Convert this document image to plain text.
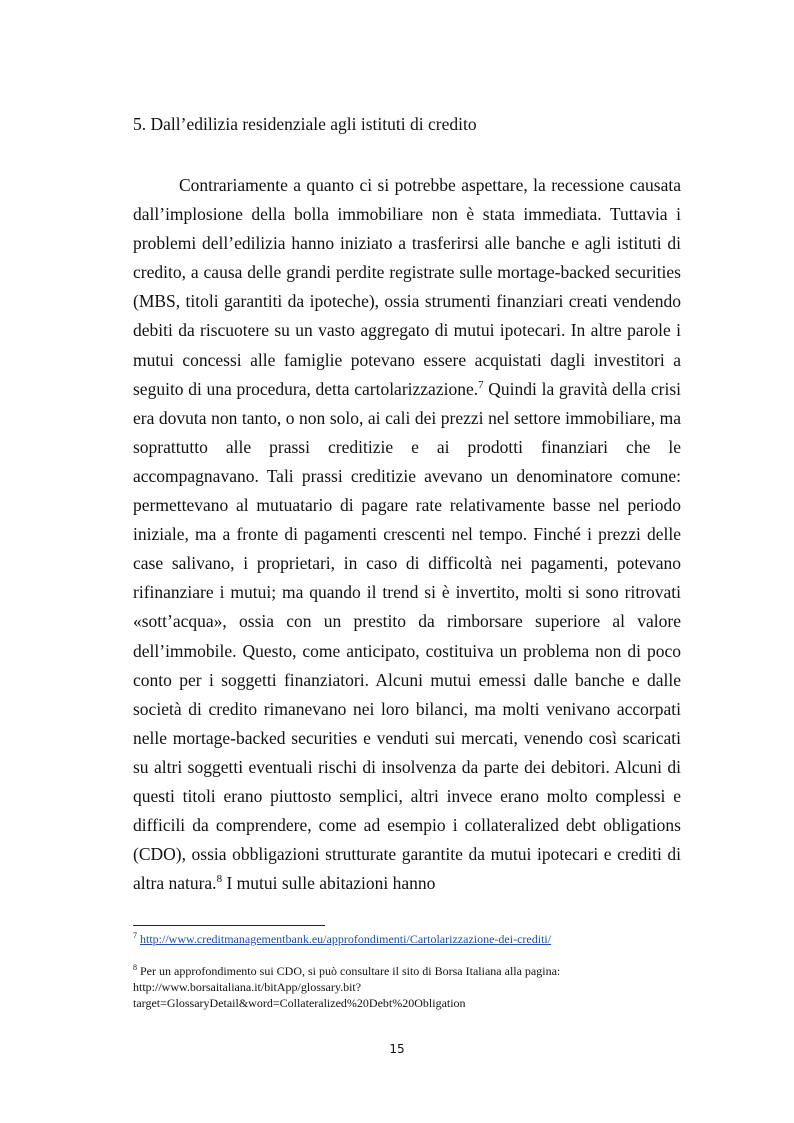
5. Dall’edilizia residenziale agli istituti di credito

Contrariamente a quanto ci si potrebbe aspettare, la recessione causata dall’implosione della bolla immobiliare non è stata immediata. Tuttavia i problemi dell’edilizia hanno iniziato a trasferirsi alle banche e agli istituti di credito, a causa delle grandi perdite registrate sulle mortage-backed securities (MBS, titoli garantiti da ipoteche), ossia strumenti finanziari creati vendendo debiti da riscuotere su un vasto aggregato di mutui ipotecari. In altre parole i mutui concessi alle famiglie potevano essere acquistati dagli investitori a seguito di una procedura, detta cartolarizzazione.$^7$ Quindi la gravità della crisi era dovuta non tanto, o non solo, ai cali dei prezzi nel settore immobiliare, ma soprattutto alle prassi creditizie e ai prodotti finanziari che le accompagnavano. Tali prassi creditizie avevano un denominatore comune: permettevano al mutuatario di pagare rate relativamente basse nel periodo iniziale, ma a fronte di pagamenti crescenti nel tempo. Finché i prezzi delle case salivano, i proprietari, in caso di difficoltà nei pagamenti, potevano rifinanziare i mutui; ma quando il trend si è invertito, molti si sono ritrovati «sott’acqua», ossia con un prestito da rimborsare superiore al valore dell’immobile. Questo, come anticipato, costituiva un problema non di poco conto per i soggetti finanziatori. Alcuni mutui emessi dalle banche e dalle società di credito rimanevano nei loro bilanci, ma molti venivano accorpati nelle mortage-backed securities e venduti sui mercati, venendo così scaricati su altri soggetti eventuali rischi di insolvenza da parte dei debitori. Alcuni di questi titoli erano piuttosto semplici, altri invece erano molto complessi e difficili da comprendere, come ad esempio i collateralized debt obligations (CDO), ossia obbligazioni strutturate garantite da mutui ipotecari e crediti di altra natura.$^8$ I mutui sulle abitazioni hanno

$^7$ http://www.creditmanagementbank.eu/approfondimenti/Cartolarizzazione-dei-crediti/

$^8$ Per un approfondimento sui CDO, si può consultare il sito di Borsa Italiana alla pagina: http://www.borsaitaliana.it/bitApp/glossary.bit?target=GlossaryDetail&word=Collateralized%20Debt%20Obligation

15
